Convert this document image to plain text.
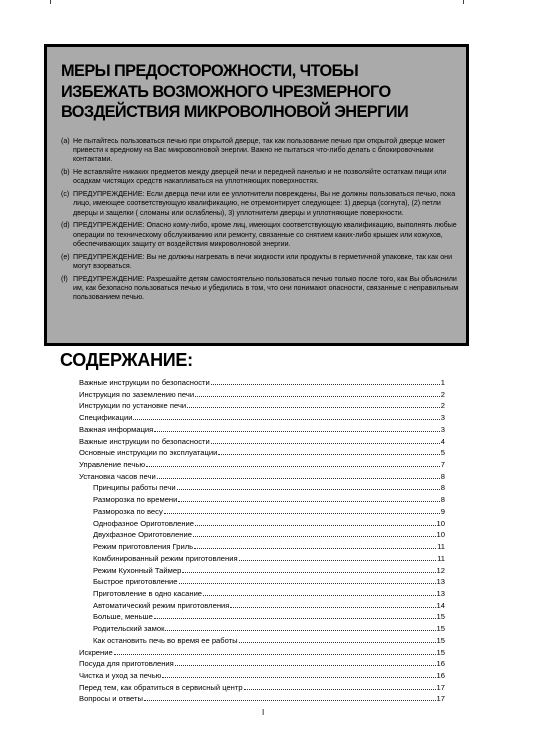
МЕРЫ ПРЕДОСТОРОЖНОСТИ, ЧТОБЫ ИЗБЕЖАТЬ ВОЗМОЖНОГО ЧРЕЗМЕРНОГО ВОЗДЕЙСТВИЯ МИКРОВОЛНОВОЙ ЭНЕРГИИ
(a) Не пытайтесь пользоваться печью при открытой дверце, так как пользование печью при открытой дверце может привести к вредному на Вас микроволновой энергии. Важно не пытаться что-либо делать с блокировочными контактами.
(b) Не вставляйте никаких предметов между дверцей печи и передней панелью и не позволяйте остаткам пищи или осадкам чистящих средств накапливаться на уплотняющих поверхностях.
(c) ПРЕДУПРЕЖДЕНИЕ: Если дверца печи или ее уплотнители повреждены, Вы не должны пользоваться печью, пока лицо, имеющее соответствующую квалификацию, не отремонтирует следующее: 1) дверца (согнута), (2) петли дверцы и защелки ( сломаны или ослаблены), 3) уплотнители дверцы и уплотняющие поверхности.
(d) ПРЕДУПРЕЖДЕНИЕ: Опасно кому-либо, кроме лиц, имеющих соответствующую квалификацию, выполнять любые операции по техническому обслуживанию или ремонту, связанные со снятием каких-либо крышек или кожухов, обеспечивающих защиту от воздействия микроволновой энергии.
(e) ПРЕДУПРЕЖДЕНИЕ: Вы не должны нагревать в печи жидкости или продукты в герметичной упаковке, так как они могут взорваться.
(f) ПРЕДУПРЕЖДЕНИЕ: Разрешайте детям самостоятельно пользоваться печью только после того, как Вы объяснили им, как безопасно пользоваться печью и убедились в том, что они понимают опасности, связанные с неправильным пользованием печью.
СОДЕРЖАНИЕ:
Важные инструкции по безопасности	1
Инструкция по заземлению печи	2
Инструкции по установке печи	2
Спецификации	3
Важная информация	3
Важные инструкции по безопасности	4
Основные инструкции по эксплуатации	5
Управление печью	7
Установка часов печи	8
Принципы работы печи	8
Разморозка по времени	8
Разморозка по весу	9
Однофазное Ориготовление	10
Двухфазное Ориготовление	10
Режим приготовления Гриль	11
Комбинированный режим приготовления	11
Режим Кухонный Таймер	12
Быстрое приготовление	13
Приготовление в одно касание	13
Автоматический режим приготовления	14
Больше, меньше	15
Родительский замок	15
Как остановить печь во время ее работы	15
Искрение	15
Посуда для приготовления	16
Чистка и уход за печью	16
Перед тем, как обратиться в сервисный центр	17
Вопросы и ответы	17
I
